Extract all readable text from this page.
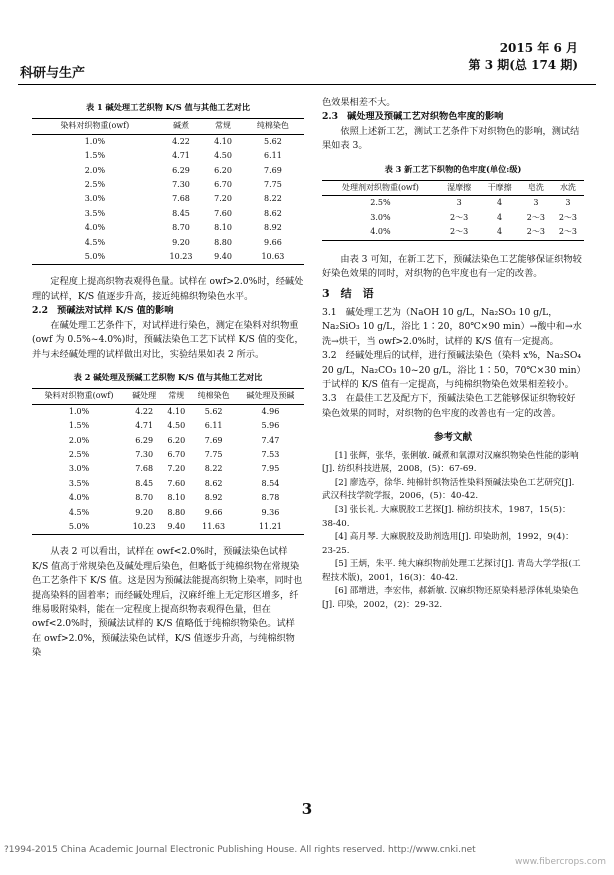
科研与生产
2015 年 6 月
第 3 期(总 174 期)
表 1 碱处理工艺织物 K/S 值与其他工艺对比
染料对织物重(owf)	碱煮	常规	纯棉染色
1.0%	4.22	4.10	5.62
1.5%	4.71	4.50	6.11
2.0%	6.29	6.20	7.69
2.5%	7.30	6.70	7.75
3.0%	7.68	7.20	8.22
3.5%	8.45	7.60	8.62
4.0%	8.70	8.10	8.92
4.5%	9.20	8.80	9.66
5.0%	10.23	9.40	10.63

定程度上提高织物表观得色量。试样在 owf>2.0%时，经碱处理的试样，K/S 值逐步升高，接近纯棉织物染色水平。

2.2　预碱法对试样 K/S 值的影响

在碱处理工艺条件下，对试样进行染色，测定在染料对织物重(owf 为 0.5%~4.0%)时，预碱法染色工艺下试样 K/S 值的变化，并与未经碱处理的试样做出对比，实验结果如表 2 所示。

表 2 碱处理及预碱工艺织物 K/S 值与其他工艺对比
染料对织物重(owf)	碱处理	常规	纯棉染色	碱处理及预碱
1.0%	4.22	4.10	5.62	4.96
1.5%	4.71	4.50	6.11	5.96
2.0%	6.29	6.20	7.69	7.47
2.5%	7.30	6.70	7.75	7.53
3.0%	7.68	7.20	8.22	7.95
3.5%	8.45	7.60	8.62	8.54
4.0%	8.70	8.10	8.92	8.78
4.5%	9.20	8.80	9.66	9.36
5.0%	10.23	9.40	11.63	11.21

从表 2 可以看出，试样在 owf<2.0%时，预碱法染色试样 K/S 值高于常规染色及碱处理后染色，但略低于纯棉织物在常规染色工艺条件下 K/S 值。这是因为预碱法能提高织物上染率，同时也提高染料的固着率；而经碱处理后，汉麻纤维上无定形区增多，纤维易吸附染料，能在一定程度上提高织物表观得色量，但在 owf<2.0%时，预碱法试样的 K/S 值略低于纯棉织物染色。试样在 owf>2.0%，预碱法染色试样，K/S 值逐步升高，与纯棉织物染

色效果相差不大。

2.3　碱处理及预碱工艺对织物色牢度的影响

依照上述新工艺，测试工艺条件下对织物色的影响，测试结果如表 3。

表 3 新工艺下织物的色牢度(单位:级)
处理剂对织物重(owf)	湿摩擦	干摩擦	皂洗	水洗
2.5%	3	4	3	3
3.0%	2～3	4	2～3	2～3
4.0%	2～3	4	2～3	2～3

由表 3 可知，在新工艺下，预碱法染色工艺能够保证织物较好染色效果的同时，对织物的色牢度也有一定的改善。

3　结　语

3.1　碱处理工艺为（NaOH 10 g/L，Na₂SO₃ 10 g/L，Na₂SiO₃ 10 g/L，浴比 1∶20，80℃×90 min）→酸中和→水洗→烘干，当 owf>2.0%时，试样的 K/S 值有一定提高。

3.2　经碱处理后的试样，进行预碱法染色（染料 x%，Na₂SO₄ 20 g/L，Na₂CO₃ 10~20 g/L，浴比 1∶50，70℃×30 min）于试样的 K/S 值有一定提高，与纯棉织物染色效果相差较小。

3.3　在最佳工艺及配方下，预碱法染色工艺能够保证织物较好染色效果的同时，对织物的色牢度的改善也有一定的改善。

参考文献

[1] 张辉，张华，张俐敏. 碱煮和氧漂对汉麻织物染色性能的影响[J]. 纺织科技进展，2008，(5)：67-69.

[2] 廖选亭，徐华. 纯棉针织物活性染料预碱法染色工艺研究[J]. 武汉科技学院学报，2006，(5)：40-42.

[3] 张长礼. 大麻脱胶工艺探[J]. 棉纺织技术，1987，15(5)：38-40.

[4] 高月琴. 大麻脱胶及助剂选用[J]. 印染助剂，1992，9(4)：23-25.

[5] 王炳，朱平. 纯大麻织物前处理工艺探讨[J]. 青岛大学学报(工程技术版)，2001，16(3)：40-42.

[6] 邵增进，李宏伟，郝新敏. 汉麻织物还原染料悬浮体轧染染色[J]. 印染，2002，(2)：29-32.

3
?1994-2015 China Academic Journal Electronic Publishing House. All rights reserved. http://www.cnki.net
www.fibercrops.com
